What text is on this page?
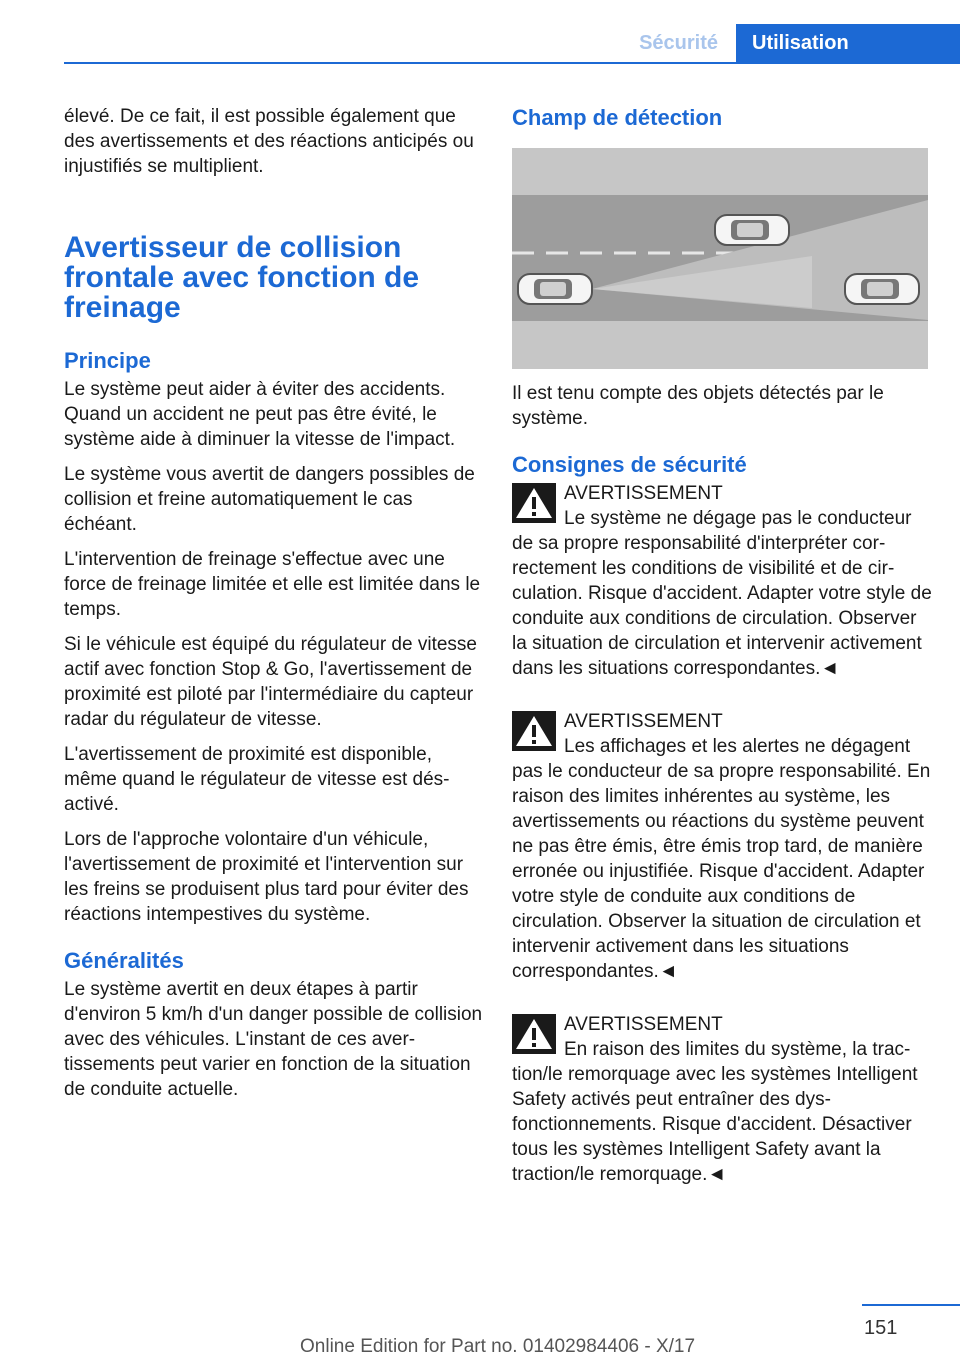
Sécurité	Utilisation

élevé. De ce fait, il est possible également que des avertissements et des réactions anticipés ou injustifiés se multiplient.

Avertisseur de collision frontale avec fonction de freinage
Principe

Le système peut aider à éviter des accidents. Quand un accident ne peut pas être évité, le système aide à diminuer la vitesse de l'impact.

Le système vous avertit de dangers possibles de collision et freine automatiquement le cas échéant.

L'intervention de freinage s'effectue avec une force de freinage limitée et elle est limitée dans le temps.

Si le véhicule est équipé du régulateur de vitesse actif avec fonction Stop & Go, l'avertissement de proximité est piloté par l'intermédiaire du capteur radar du régulateur de vitesse.

L'avertissement de proximité est disponible, même quand le régulateur de vitesse est désactivé.

Lors de l'approche volontaire d'un véhicule, l'avertissement de proximité et l'intervention sur les freins se produisent plus tard pour éviter des réactions intempestives du système.

Généralités

Le système avertit en deux étapes à partir d'environ 5 km/h d'un danger possible de collision avec des véhicules. L'instant de ces avertissements peut varier en fonction de la situation de conduite actuelle.

Champ de détection

Il est tenu compte des objets détectés par le système.

Consignes de sécurité
AVERTISSEMENT
Le système ne dégage pas le conducteur de sa propre responsabilité d'interpréter correctement les conditions de visibilité et de circulation. Risque d'accident. Adapter votre style de conduite aux conditions de circulation. Observer la situation de circulation et intervenir activement dans les situations correspondantes.◄
AVERTISSEMENT
Les affichages et les alertes ne dégagent pas le conducteur de sa propre responsabilité. En raison des limites inhérentes au système, les avertissements ou réactions du système peuvent ne pas être émis, être émis trop tard, de manière erronée ou injustifiée. Risque d'accident. Adapter votre style de conduite aux conditions de circulation. Observer la situation de circulation et intervenir activement dans les situations correspondantes.◄
AVERTISSEMENT
En raison des limites du système, la traction/le remorquage avec les systèmes Intelligent Safety activés peut entraîner des dysfonctionnements. Risque d'accident. Désactiver tous les systèmes Intelligent Safety avant la traction/le remorquage.◄
151
Online Edition for Part no. 01402984406 - X/17
